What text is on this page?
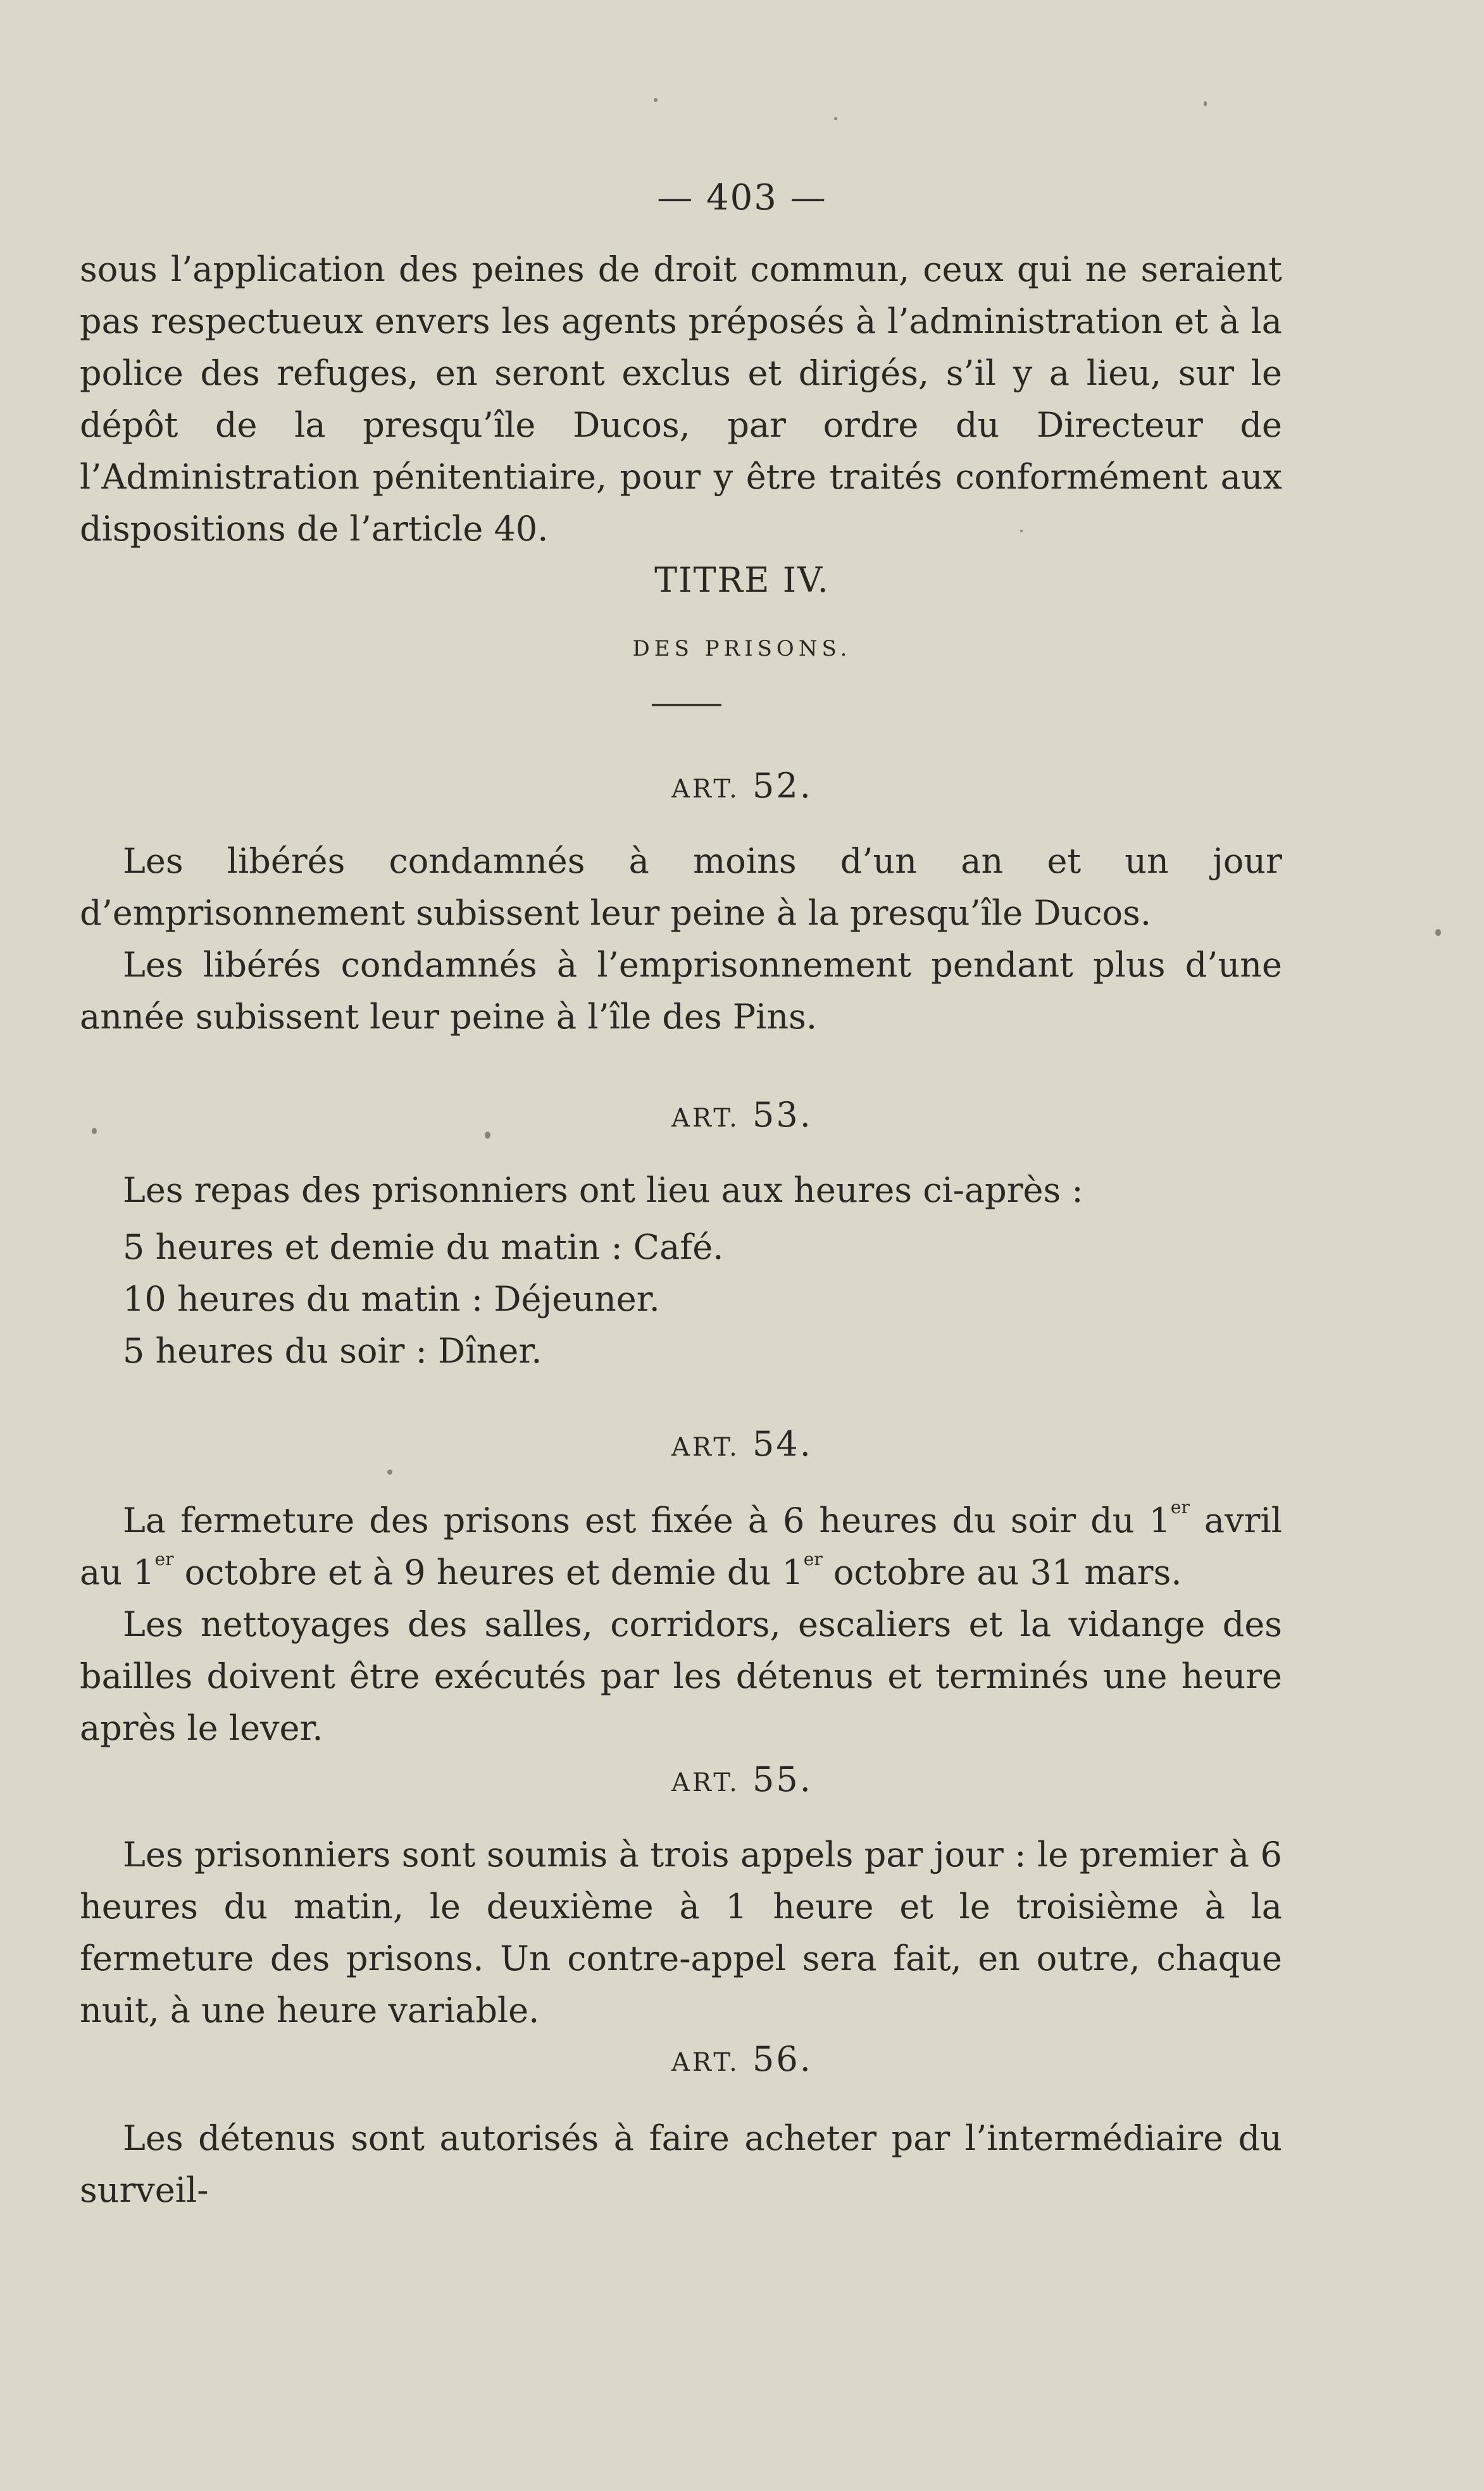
— 403 —

sous l’application des peines de droit commun, ceux qui ne seraient pas respectueux envers les agents préposés à l’administration et à la police des refuges, en seront exclus et dirigés, s’il y a lieu, sur le dépôt de la presqu’île Ducos, par ordre du Directeur de l’Administration pénitentiaire, pour y être traités conformément aux dispositions de l’article 40.

TITRE IV.
DES PRISONS.
ART. 52.

Les libérés condamnés à moins d’un an et un jour d’emprisonnement subissent leur peine à la presqu’île Ducos.

Les libérés condamnés à l’emprisonnement pendant plus d’une année subissent leur peine à l’île des Pins.

ART. 53.

Les repas des prisonniers ont lieu aux heures ci-après :

5 heures et demie du matin : Café.

10 heures du matin : Déjeuner.

5 heures du soir : Dîner.

ART. 54.

La fermeture des prisons est fixée à 6 heures du soir du 1er avril au 1er octobre et à 9 heures et demie du 1er octobre au 31 mars.

Les nettoyages des salles, corridors, escaliers et la vidange des bailles doivent être exécutés par les détenus et terminés une heure après le lever.

ART. 55.

Les prisonniers sont soumis à trois appels par jour : le premier à 6 heures du matin, le deuxième à 1 heure et le troisième à la fermeture des prisons. Un contre-appel sera fait, en outre, chaque nuit, à une heure variable.

ART. 56.

Les détenus sont autorisés à faire acheter par l’intermédiaire du surveil-
